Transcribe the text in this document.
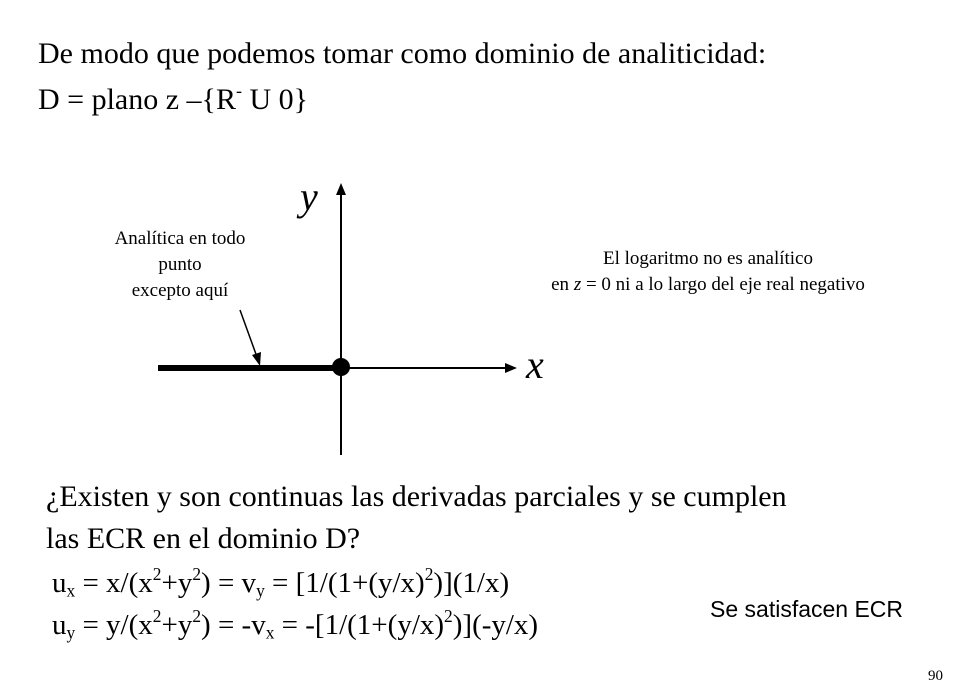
De modo que podemos tomar como dominio de analiticidad:
D = plano z –{R- U 0}
y
x
Analítica en todo
punto
excepto aquí
El logaritmo no es analítico
en z = 0 ni a lo largo del eje real negativo
¿Existen y son continuas las derivadas parciales y se cumplen
las ECR en el dominio D?
$u_x = x/(x^2+y^2) = v_y = [1/(1+(y/x)^2)](1/x)$
$u_y = y/(x^2+y^2) = -v_x = -[1/(1+(y/x)^2)](-y/x)$	Se satisfacen ECR
90
